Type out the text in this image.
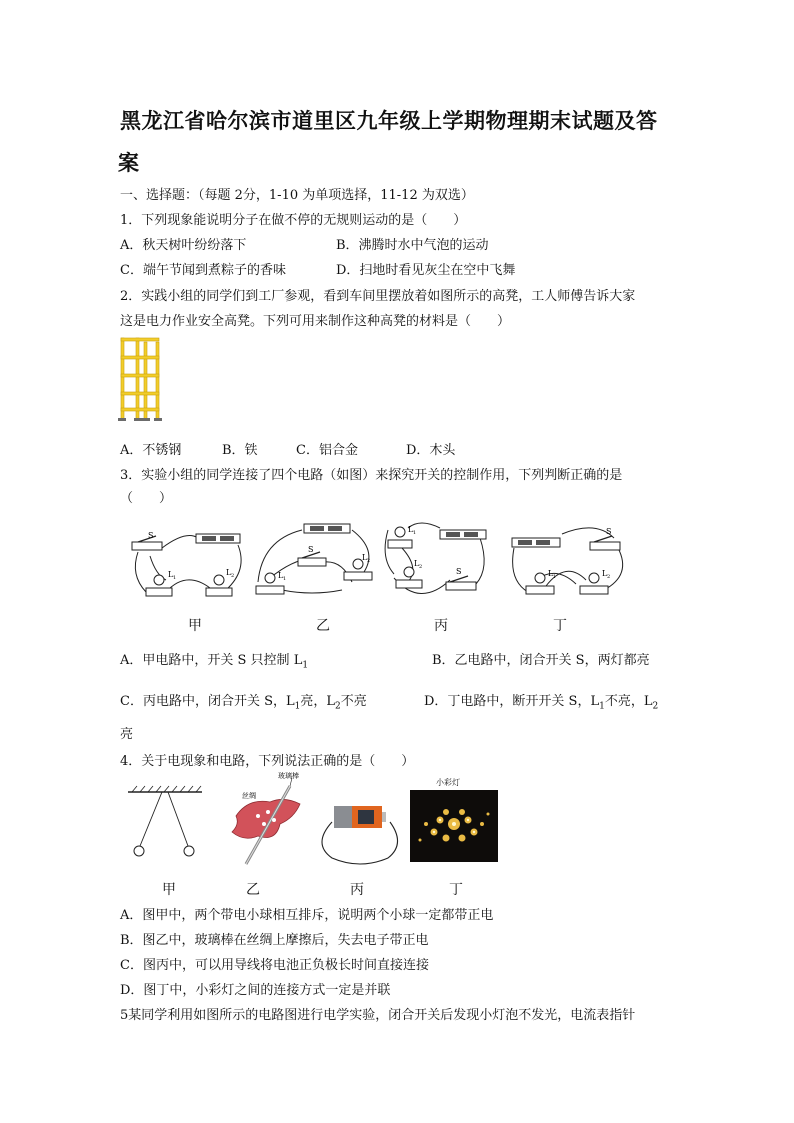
黑龙江省哈尔滨市道里区九年级上学期物理期末试题及答
案
一、选择题：（每题 2分，1-10 为单项选择，11-12 为双选）
1．下列现象能说明分子在做不停的无规则运动的是（　　）
A．秋天树叶纷纷落下	B．沸腾时水中气泡的运动
C．端午节闻到煮粽子的香味	D．扫地时看见灰尘在空中飞舞
2．实践小组的同学们到工厂参观，看到车间里摆放着如图所示的高凳，工人师傅告诉大家
这是电力作业安全高凳。下列可用来制作这种高凳的材料是（　　）
A．不锈钢	B．铁	C．铝合金	D．木头
3．实验小组的同学连接了四个电路（如图）来探究开关的控制作用，下列判断正确的是
（　　）
S
L 1
L 2
S
L 1
L 2
L 1
L 2	S
S
L 1	L 2
甲	乙	丙	丁
A．甲电路中，开关 S 只控制 $L_1$	B．乙电路中，闭合开关 S，两灯都亮
C．丙电路中，闭合开关 S，$L_1$亮，$L_2$不亮	D．丁电路中，断开开关 S，$L_1$不亮，$L_2$
亮
4．关于电现象和电路，下列说法正确的是（　　）
丝绸
玻璃棒
小彩灯
甲	乙	丙	丁
A．图甲中，两个带电小球相互排斥，说明两个小球一定都带正电
B．图乙中，玻璃棒在丝绸上摩擦后，失去电子带正电
C．图丙中，可以用导线将电池正负极长时间直接连接
D．图丁中，小彩灯之间的连接方式一定是并联
5某同学利用如图所示的电路图进行电学实验，闭合开关后发现小灯泡不发光，电流表指针
